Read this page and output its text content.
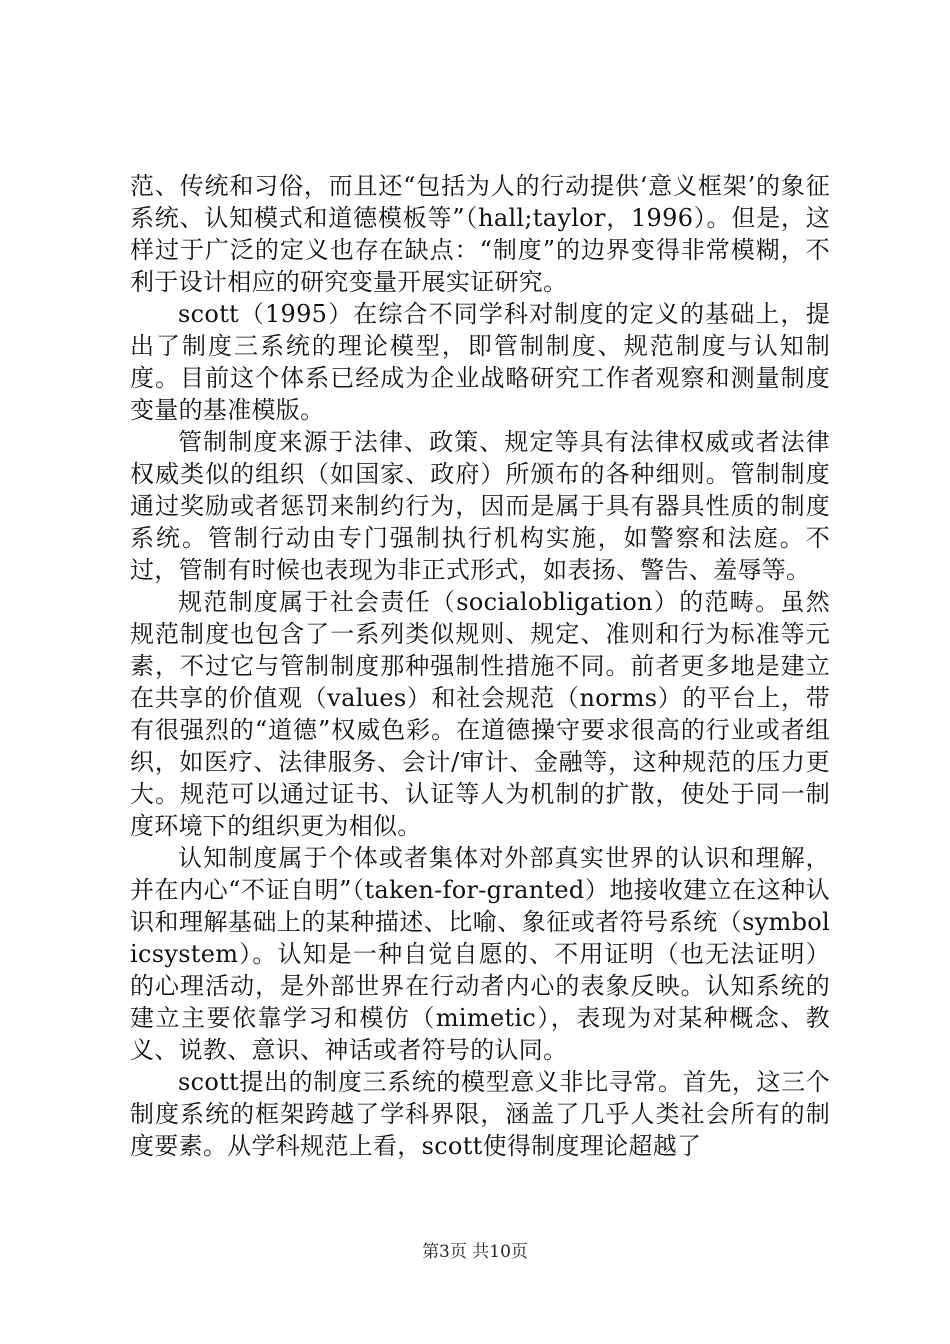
范、传统和习俗，而且还“包括为人的行动提供‘意义框架’的象征系统、认知模式和道德模板等”（hall;taylor，1996）。但是，这样过于广泛的定义也存在缺点：“制度”的边界变得非常模糊，不利于设计相应的研究变量开展实证研究。

scott（1995）在综合不同学科对制度的定义的基础上，提出了制度三系统的理论模型，即管制制度、规范制度与认知制度。目前这个体系已经成为企业战略研究工作者观察和测量制度变量的基准模版。

管制制度来源于法律、政策、规定等具有法律权威或者法律权威类似的组织（如国家、政府）所颁布的各种细则。管制制度通过奖励或者惩罚来制约行为，因而是属于具有器具性质的制度系统。管制行动由专门强制执行机构实施，如警察和法庭。不过，管制有时候也表现为非正式形式，如表扬、警告、羞辱等。

规范制度属于社会责任（socialobligation）的范畴。虽然规范制度也包含了一系列类似规则、规定、准则和行为标准等元素，不过它与管制制度那种强制性措施不同。前者更多地是建立在共享的价值观（values）和社会规范（norms）的平台上，带有很强烈的“道德”权威色彩。在道德操守要求很高的行业或者组织，如医疗、法律服务、会计/审计、金融等，这种规范的压力更大。规范可以通过证书、认证等人为机制的扩散，使处于同一制度环境下的组织更为相似。

认知制度属于个体或者集体对外部真实世界的认识和理解，并在内心“不证自明”（taken-for-granted）地接收建立在这种认识和理解基础上的某种描述、比喻、象征或者符号系统（symbolicsystem）。认知是一种自觉自愿的、不用证明（也无法证明）的心理活动，是外部世界在行动者内心的表象反映。认知系统的建立主要依靠学习和模仿（mimetic），表现为对某种概念、教义、说教、意识、神话或者符号的认同。

scott提出的制度三系统的模型意义非比寻常。首先，这三个制度系统的框架跨越了学科界限，涵盖了几乎人类社会所有的制度要素。从学科规范上看，scott使得制度理论超越了

第3页 共10页
